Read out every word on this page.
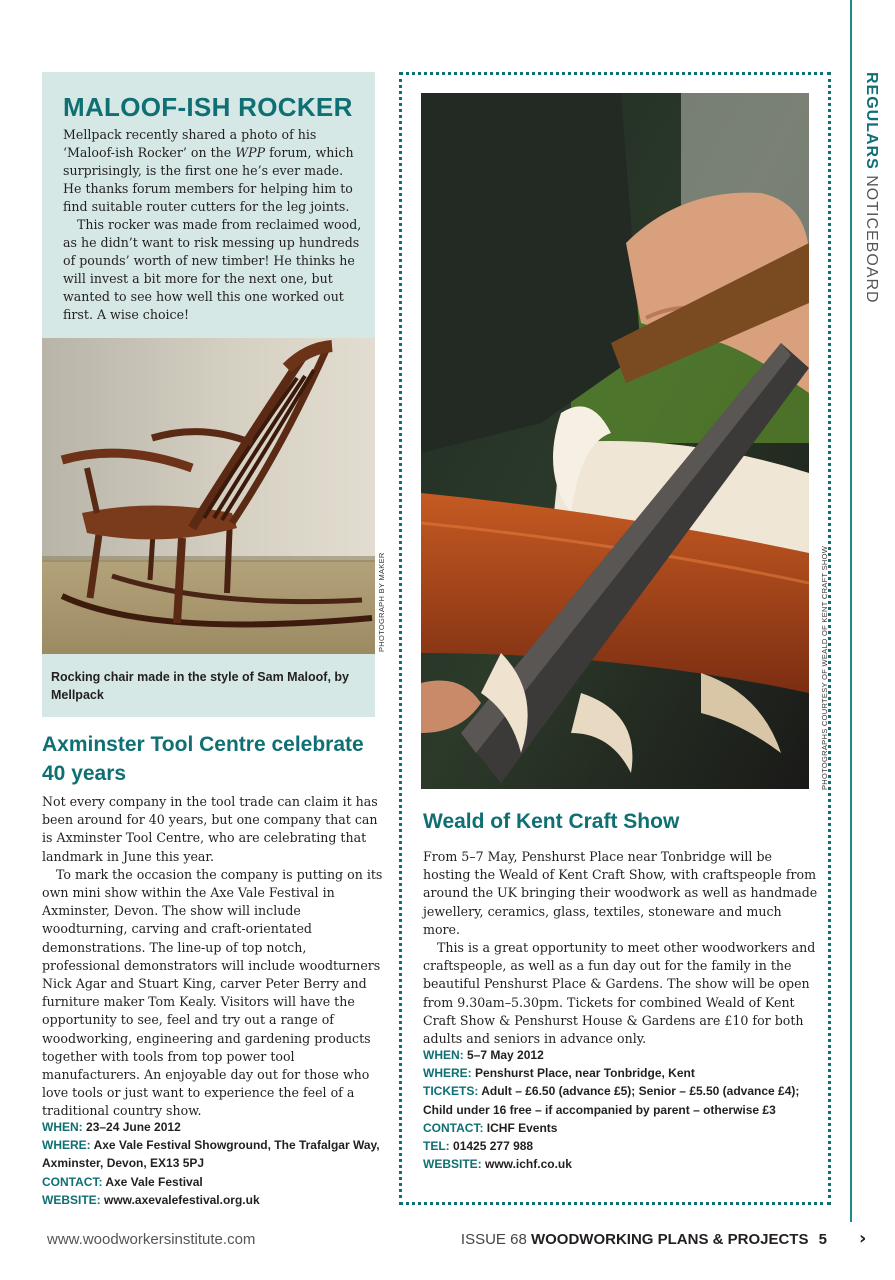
REGULARS NOTICEBOARD
MALOOF-ISH ROCKER

Mellpack recently shared a photo of his ‘Maloof-ish Rocker’ on the WPP forum, which surprisingly, is the first one he’s ever made. He thanks forum members for helping him to find suitable router cutters for the leg joints.

This rocker was made from reclaimed wood, as he didn’t want to risk messing up hundreds of pounds’ worth of new timber! He thinks he will invest a bit more for the next one, but wanted to see how well this one worked out first. A wise choice!

Rocking chair made in the style of Sam Maloof, by Mellpack
PHOTOGRAPH BY MAKER
Axminster Tool Centre celebrate 40 years

Not every company in the tool trade can claim it has been around for 40 years, but one company that can is Axminster Tool Centre, who are celebrating that landmark in June this year.

To mark the occasion the company is putting on its own mini show within the Axe Vale Festival in Axminster, Devon. The show will include woodturning, carving and craft-orientated demonstrations. The line-up of top notch, professional demonstrators will include woodturners Nick Agar and Stuart King, carver Peter Berry and furniture maker Tom Kealy. Visitors will have the opportunity to see, feel and try out a range of woodworking, engineering and gardening products together with tools from top power tool manufacturers. An enjoyable day out for those who love tools or just want to experience the feel of a traditional country show.

WHEN: 23–24 June 2012
WHERE: Axe Vale Festival Showground, The Trafalgar Way, Axminster, Devon, EX13 5PJ
CONTACT: Axe Vale Festival
WEBSITE: www.axevalefestival.org.uk
PHOTOGRAPHS COURTESY OF WEALD OF KENT CRAFT SHOW
Weald of Kent Craft Show

From 5–7 May, Penshurst Place near Tonbridge will be hosting the Weald of Kent Craft Show, with craftspeople from around the UK bringing their woodwork as well as handmade jewellery, ceramics, glass, textiles, stoneware and much more.

This is a great opportunity to meet other woodworkers and craftspeople, as well as a fun day out for the family in the beautiful Penshurst Place & Gardens. The show will be open from 9.30am–5.30pm. Tickets for combined Weald of Kent Craft Show & Penshurst House & Gardens are £10 for both adults and seniors in advance only.

WHEN: 5–7 May 2012
WHERE: Penshurst Place, near Tonbridge, Kent
TICKETS: Adult – £6.50 (advance £5); Senior – £5.50 (advance £4); Child under 16 free – if accompanied by parent – otherwise £3
CONTACT: ICHF Events
TEL: 01425 277 988
WEBSITE: www.ichf.co.uk
www.woodworkersinstitute.com	ISSUE 68 WOODWORKING PLANS & PROJECTS 5 ›
